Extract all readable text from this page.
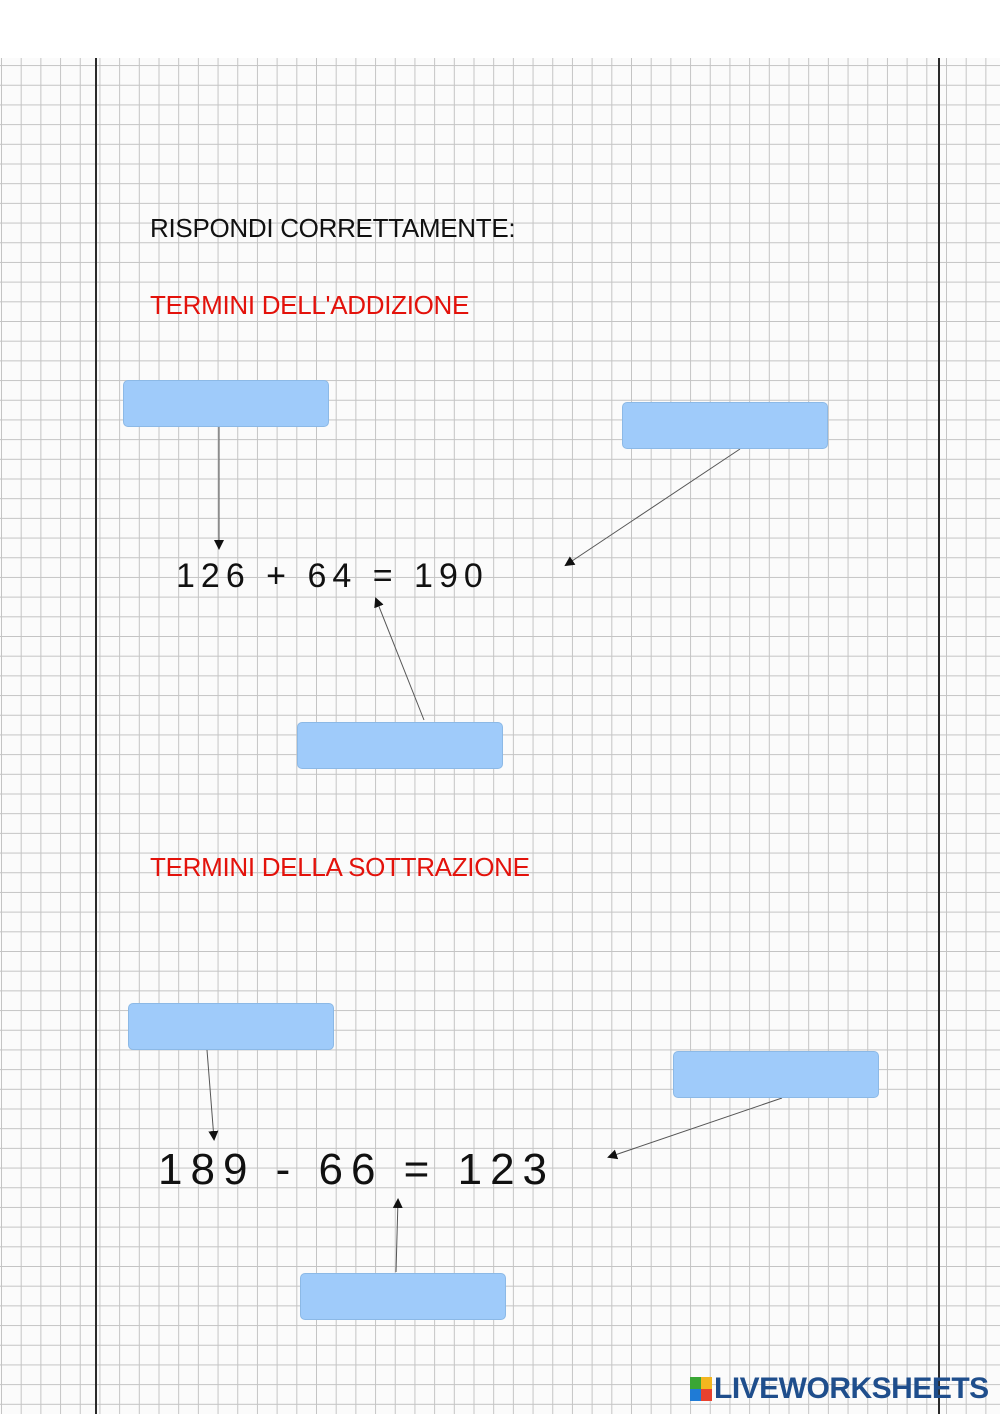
RISPONDI CORRETTAMENTE:
TERMINI DELL'ADDIZIONE
126 + 64 = 190
TERMINI DELLA SOTTRAZIONE
189 - 66 = 123
LIVEWORKSHEETS
